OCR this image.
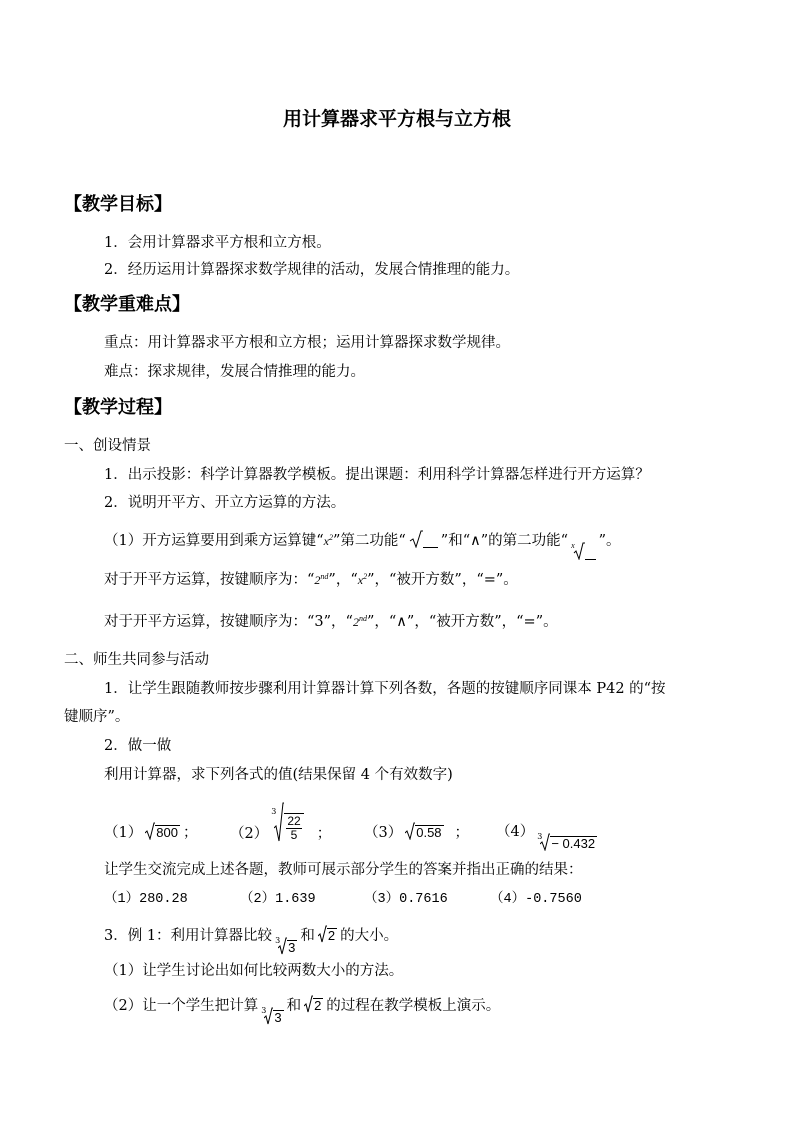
用计算器求平方根与立方根
【教学目标】
1．会用计算器求平方根和立方根。
2．经历运用计算器探求数学规律的活动，发展合情推理的能力。
【教学重难点】
重点：用计算器求平方根和立方根；运用计算器探求数学规律。
难点：探求规律，发展合情推理的能力。
【教学过程】
一、创设情景
1．出示投影：科学计算器教学模板。提出课题：利用科学计算器怎样进行开方运算？
2．说明开平方、开立方运算的方法。
（1）开方运算要用到乘方运算键“$x^2$”第二功能“ ”和“∧”的第二功能“ x ”。
对于开平方运算，按键顺序为：“2nd”，“$x^2$”，“被开方数”，“=”。
对于开平方运算，按键顺序为：“3”，“2nd”，“∧”，“被开方数”，“=”。
二、师生共同参与活动
1．让学生跟随教师按步骤利用计算器计算下列各数，各题的按键顺序同课本 P42 的“按
键顺序”。
2．做一做
利用计算器，求下列各式的值(结果保留 4 个有效数字)
（1） 800 ； （2）
3
$\frac{22}{5}$ ； （3） 0.58 ； （4） 3 − 0.432
让学生交流完成上述各题，教师可展示部分学生的答案并指出正确的结果：
（1）280.28	（2）1.639	（3）0.7616	（4）-0.7560
3．例 1：利用计算器比较 3 3
和 2 的大小。
（1）让学生讨论出如何比较两数大小的方法。
（2）让一个学生把计算 3 3
和 2 的过程在教学模板上演示。
